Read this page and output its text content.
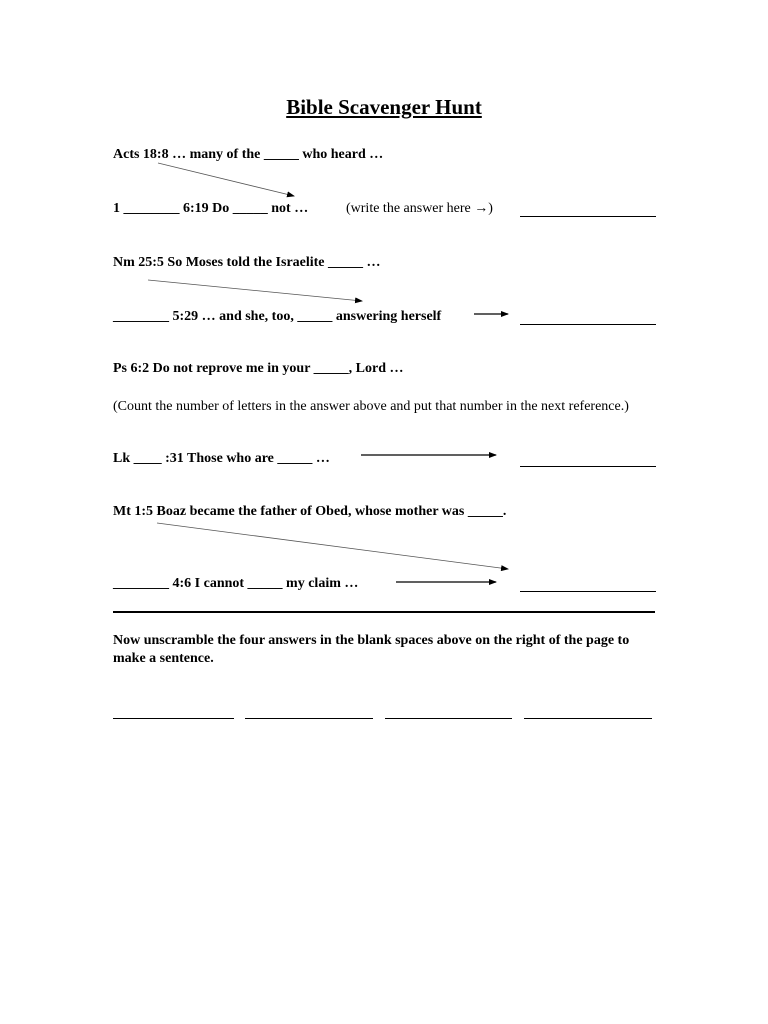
Bible Scavenger Hunt
Acts 18:8 … many of the _____ who heard …
1 ________ 6:19 Do _____ not …	(write the answer here →)
Nm 25:5 So Moses told the Israelite _____ …
________ 5:29 … and she, too, _____ answering herself
Ps 6:2 Do not reprove me in your _____, Lord …
(Count the number of letters in the answer above and put that number in the next reference.)
Lk ____ :31 Those who are _____ …
Mt 1:5 Boaz became the father of Obed, whose mother was _____.
________ 4:6 I cannot _____ my claim …
Now unscramble the four answers in the blank spaces above on the right of the page to make a sentence.
